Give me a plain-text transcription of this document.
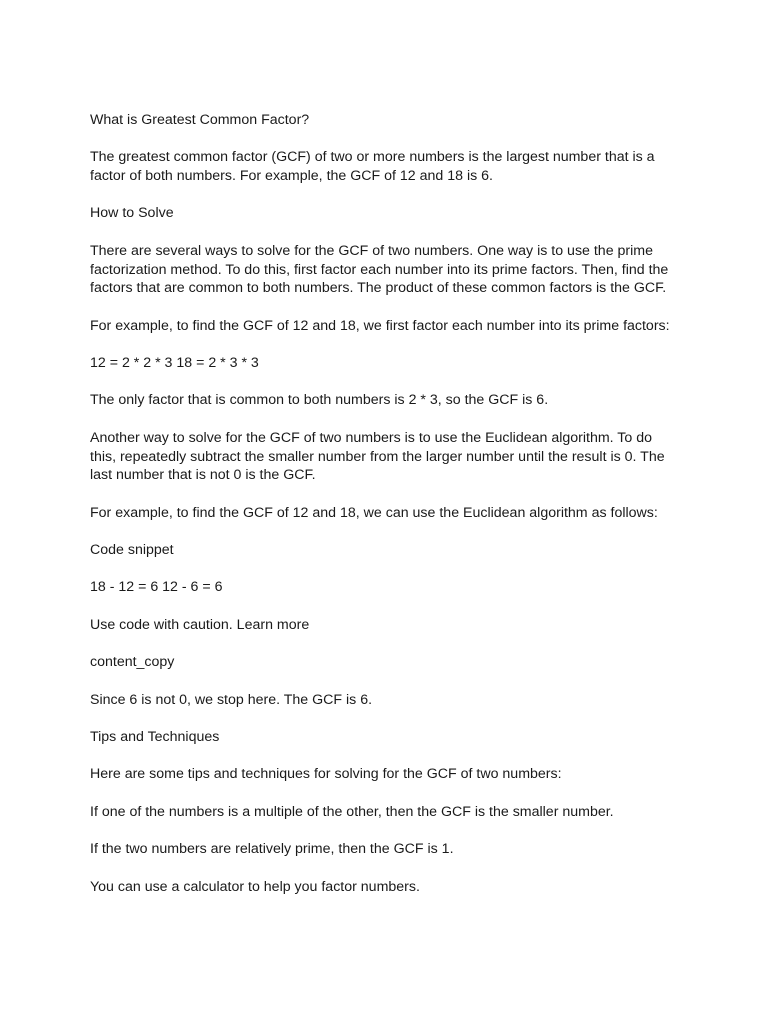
What is Greatest Common Factor?

The greatest common factor (GCF) of two or more numbers is the largest number that is a factor of both numbers. For example, the GCF of 12 and 18 is 6.

How to Solve

There are several ways to solve for the GCF of two numbers. One way is to use the prime factorization method. To do this, first factor each number into its prime factors. Then, find the factors that are common to both numbers. The product of these common factors is the GCF.

For example, to find the GCF of 12 and 18, we first factor each number into its prime factors:

12 = 2 * 2 * 3 18 = 2 * 3 * 3

The only factor that is common to both numbers is 2 * 3, so the GCF is 6.

Another way to solve for the GCF of two numbers is to use the Euclidean algorithm. To do this, repeatedly subtract the smaller number from the larger number until the result is 0. The last number that is not 0 is the GCF.

For example, to find the GCF of 12 and 18, we can use the Euclidean algorithm as follows:

Code snippet

18 - 12 = 6 12 - 6 = 6

Use code with caution. Learn more

content_copy

Since 6 is not 0, we stop here. The GCF is 6.

Tips and Techniques

Here are some tips and techniques for solving for the GCF of two numbers:

If one of the numbers is a multiple of the other, then the GCF is the smaller number.

If the two numbers are relatively prime, then the GCF is 1.

You can use a calculator to help you factor numbers.
